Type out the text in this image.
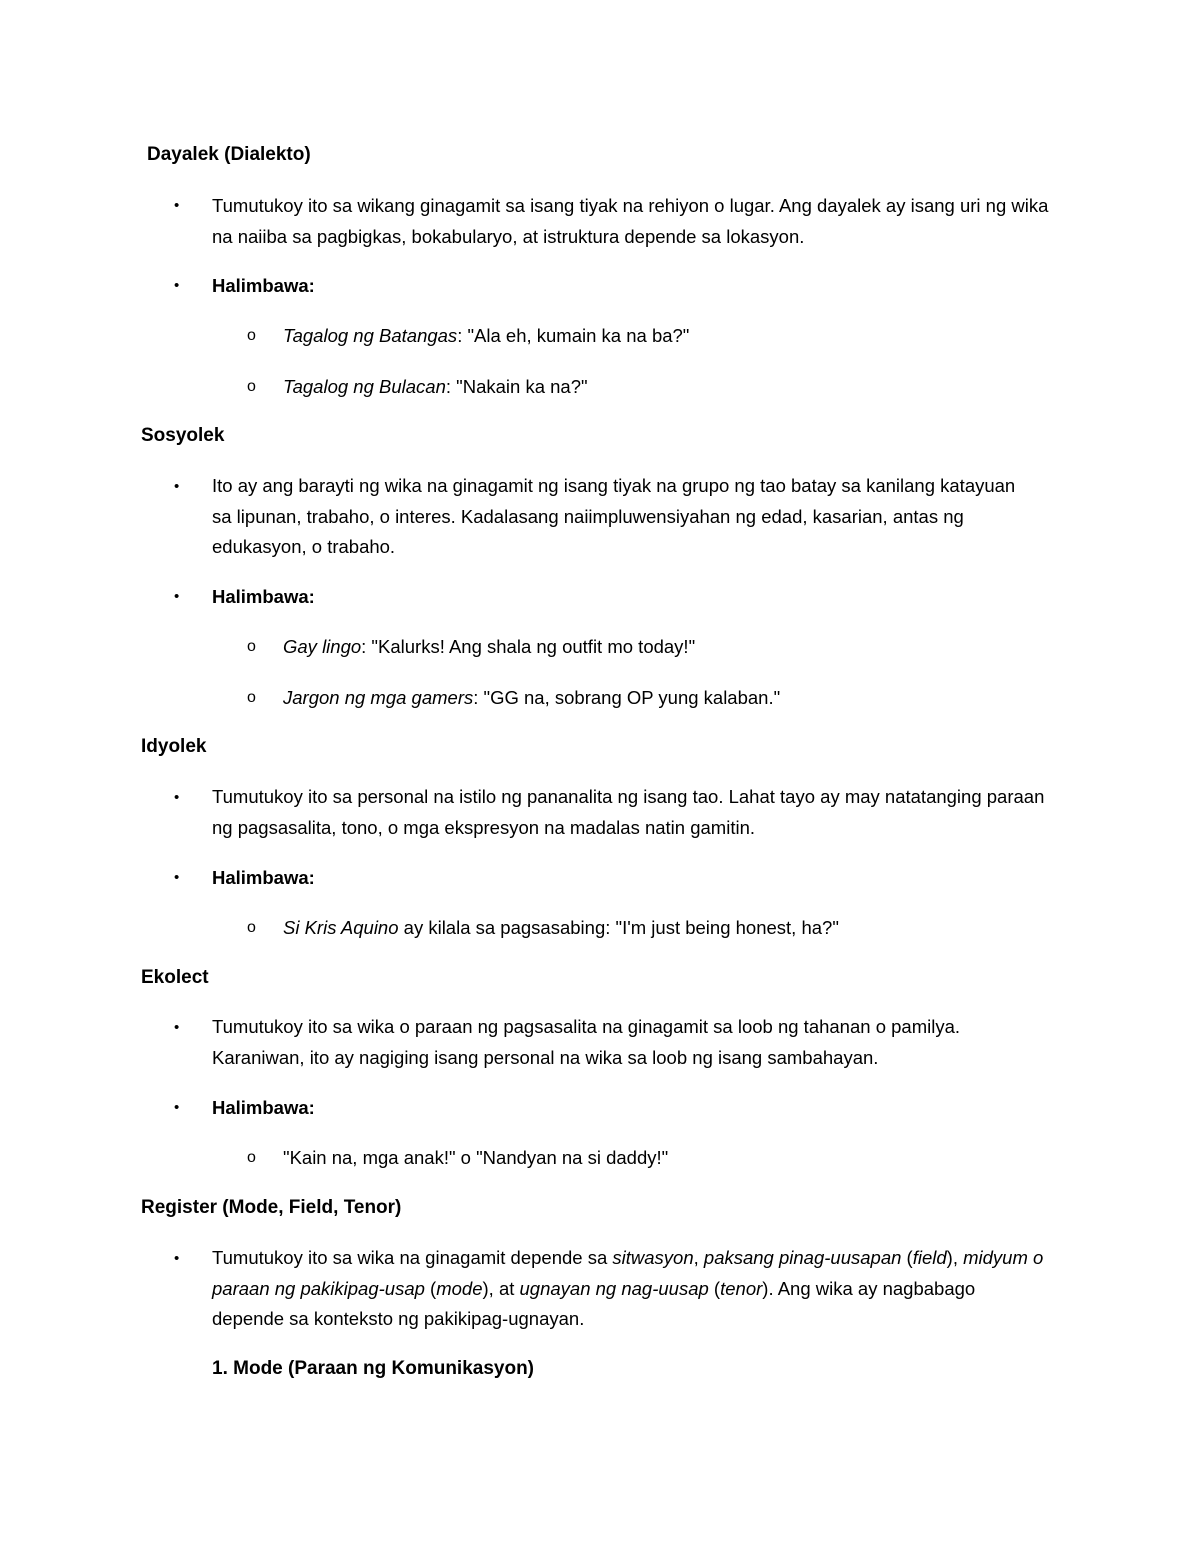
Dayalek (Dialekto)
• Tumutukoy ito sa wikang ginagamit sa isang tiyak na rehiyon o lugar. Ang dayalek ay isang uri ng wika na naiiba sa pagbigkas, bokabularyo, at istruktura depende sa lokasyon.

• Halimbawa:

o Tagalog ng Batangas: "Ala eh, kumain ka na ba?"

o Tagalog ng Bulacan: "Nakain ka na?"

Sosyolek
• Ito ay ang barayti ng wika na ginagamit ng isang tiyak na grupo ng tao batay sa kanilang katayuan sa lipunan, trabaho, o interes. Kadalasang naiimpluwensiyahan ng edad, kasarian, antas ng edukasyon, o trabaho.

• Halimbawa:

o Gay lingo: "Kalurks! Ang shala ng outfit mo today!"

o Jargon ng mga gamers: "GG na, sobrang OP yung kalaban."

Idyolek
• Tumutukoy ito sa personal na istilo ng pananalita ng isang tao. Lahat tayo ay may natatanging paraan ng pagsasalita, tono, o mga ekspresyon na madalas natin gamitin.

• Halimbawa:

o Si Kris Aquino ay kilala sa pagsasabing: "I'm just being honest, ha?"

Ekolect
• Tumutukoy ito sa wika o paraan ng pagsasalita na ginagamit sa loob ng tahanan o pamilya. Karaniwan, ito ay nagiging isang personal na wika sa loob ng isang sambahayan.

• Halimbawa:

o "Kain na, mga anak!" o "Nandyan na si daddy!"

Register (Mode, Field, Tenor)
• Tumutukoy ito sa wika na ginagamit depende sa sitwasyon, paksang pinag-uusapan (field), midyum o paraan ng pakikipag-usap (mode), at ugnayan ng nag-uusap (tenor). Ang wika ay nagbabago depende sa konteksto ng pakikipag-ugnayan.

1. Mode (Paraan ng Komunikasyon)
